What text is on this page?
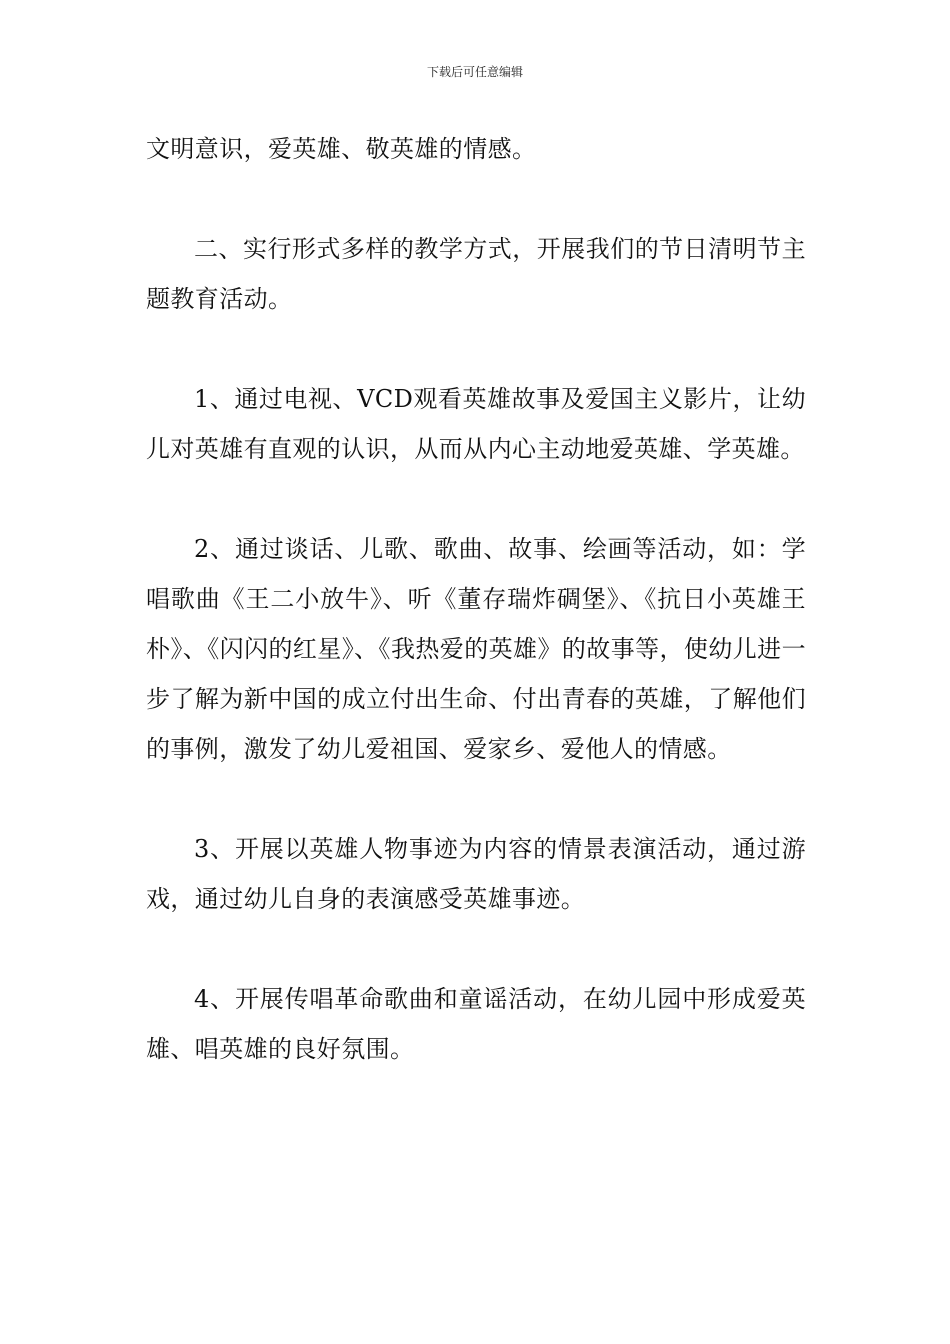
下载后可任意编辑

文明意识，爱英雄、敬英雄的情感。

二、实行形式多样的教学方式，开展我们的节日清明节主题教育活动。

1、通过电视、VCD观看英雄故事及爱国主义影片，让幼儿对英雄有直观的认识，从而从内心主动地爱英雄、学英雄。

2、通过谈话、儿歌、歌曲、故事、绘画等活动，如：学唱歌曲《王二小放牛》、听《董存瑞炸碉堡》、《抗日小英雄王朴》、《闪闪的红星》、《我热爱的英雄》的故事等，使幼儿进一步了解为新中国的成立付出生命、付出青春的英雄，了解他们的事例，激发了幼儿爱祖国、爱家乡、爱他人的情感。

3、开展以英雄人物事迹为内容的情景表演活动，通过游戏，通过幼儿自身的表演感受英雄事迹。

4、开展传唱革命歌曲和童谣活动，在幼儿园中形成爱英雄、唱英雄的良好氛围。
